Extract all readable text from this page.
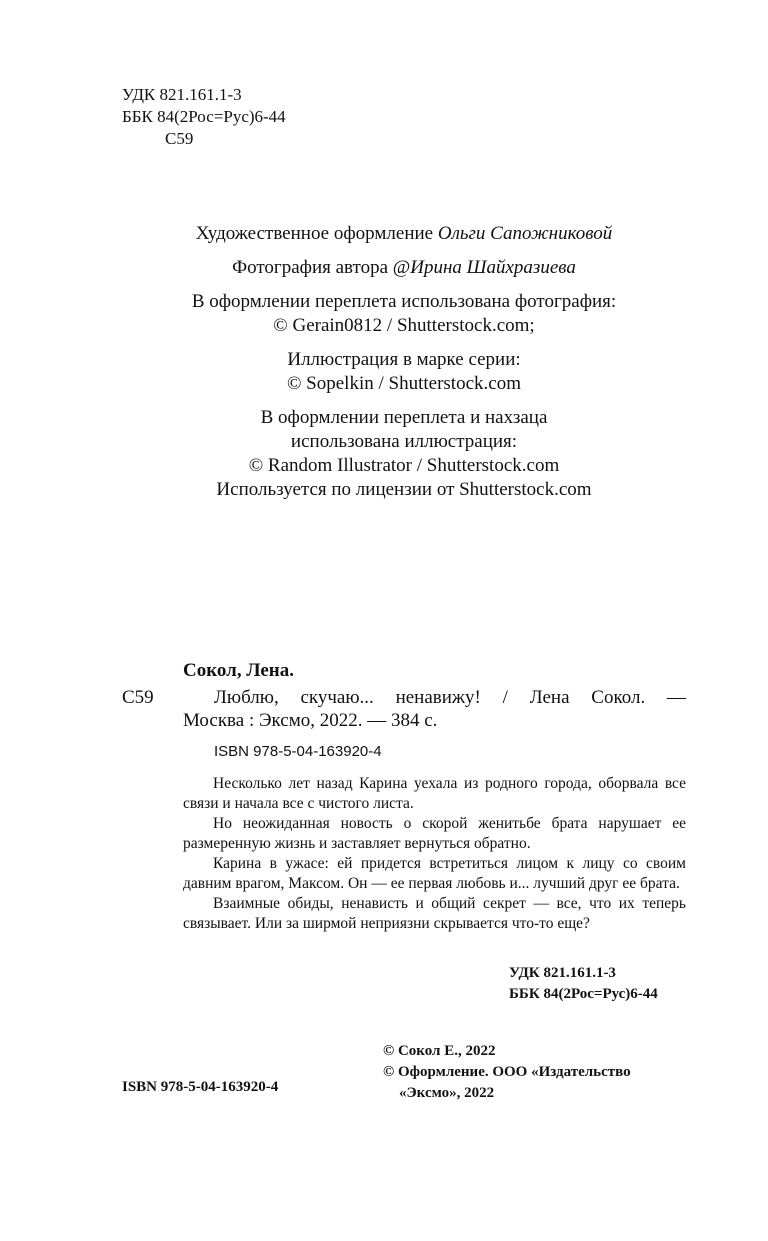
УДК 821.161.1-3
ББК 84(2Рос=Рус)6-44
С59

Художественное оформление Ольги Сапожниковой

Фотография автора @Ирина Шайхразиева

В оформлении переплета использована фотография:
© Gerain0812 / Shutterstock.com;

Иллюстрация в марке серии:
© Sopelkin / Shutterstock.com

В оформлении переплета и нахзаца
использована иллюстрация:
© Random Illustrator / Shutterstock.com
Используется по лицензии от Shutterstock.com

Сокол, Лена.
С59	Люблю, скучаю... ненавижу! / Лена Сокол. —
Москва : Эксмо, 2022. — 384 с.
ISBN 978-5-04-163920-4

Несколько лет назад Карина уехала из родного города, оборвала все связи и начала все с чистого листа.

Но неожиданная новость о скорой женитьбе брата нарушает ее размеренную жизнь и заставляет вернуться обратно.

Карина в ужасе: ей придется встретиться лицом к лицу со своим давним врагом, Максом. Он — ее первая любовь и... лучший друг ее брата.

Взаимные обиды, ненависть и общий секрет — все, что их теперь связывает. Или за ширмой неприязни скрывается что-то еще?

УДК 821.161.1-3
ББК 84(2Рос=Рус)6-44
ISBN 978-5-04-163920-4
© Сокол Е., 2022
© Оформление. ООО «Издательство
«Эксмо», 2022
